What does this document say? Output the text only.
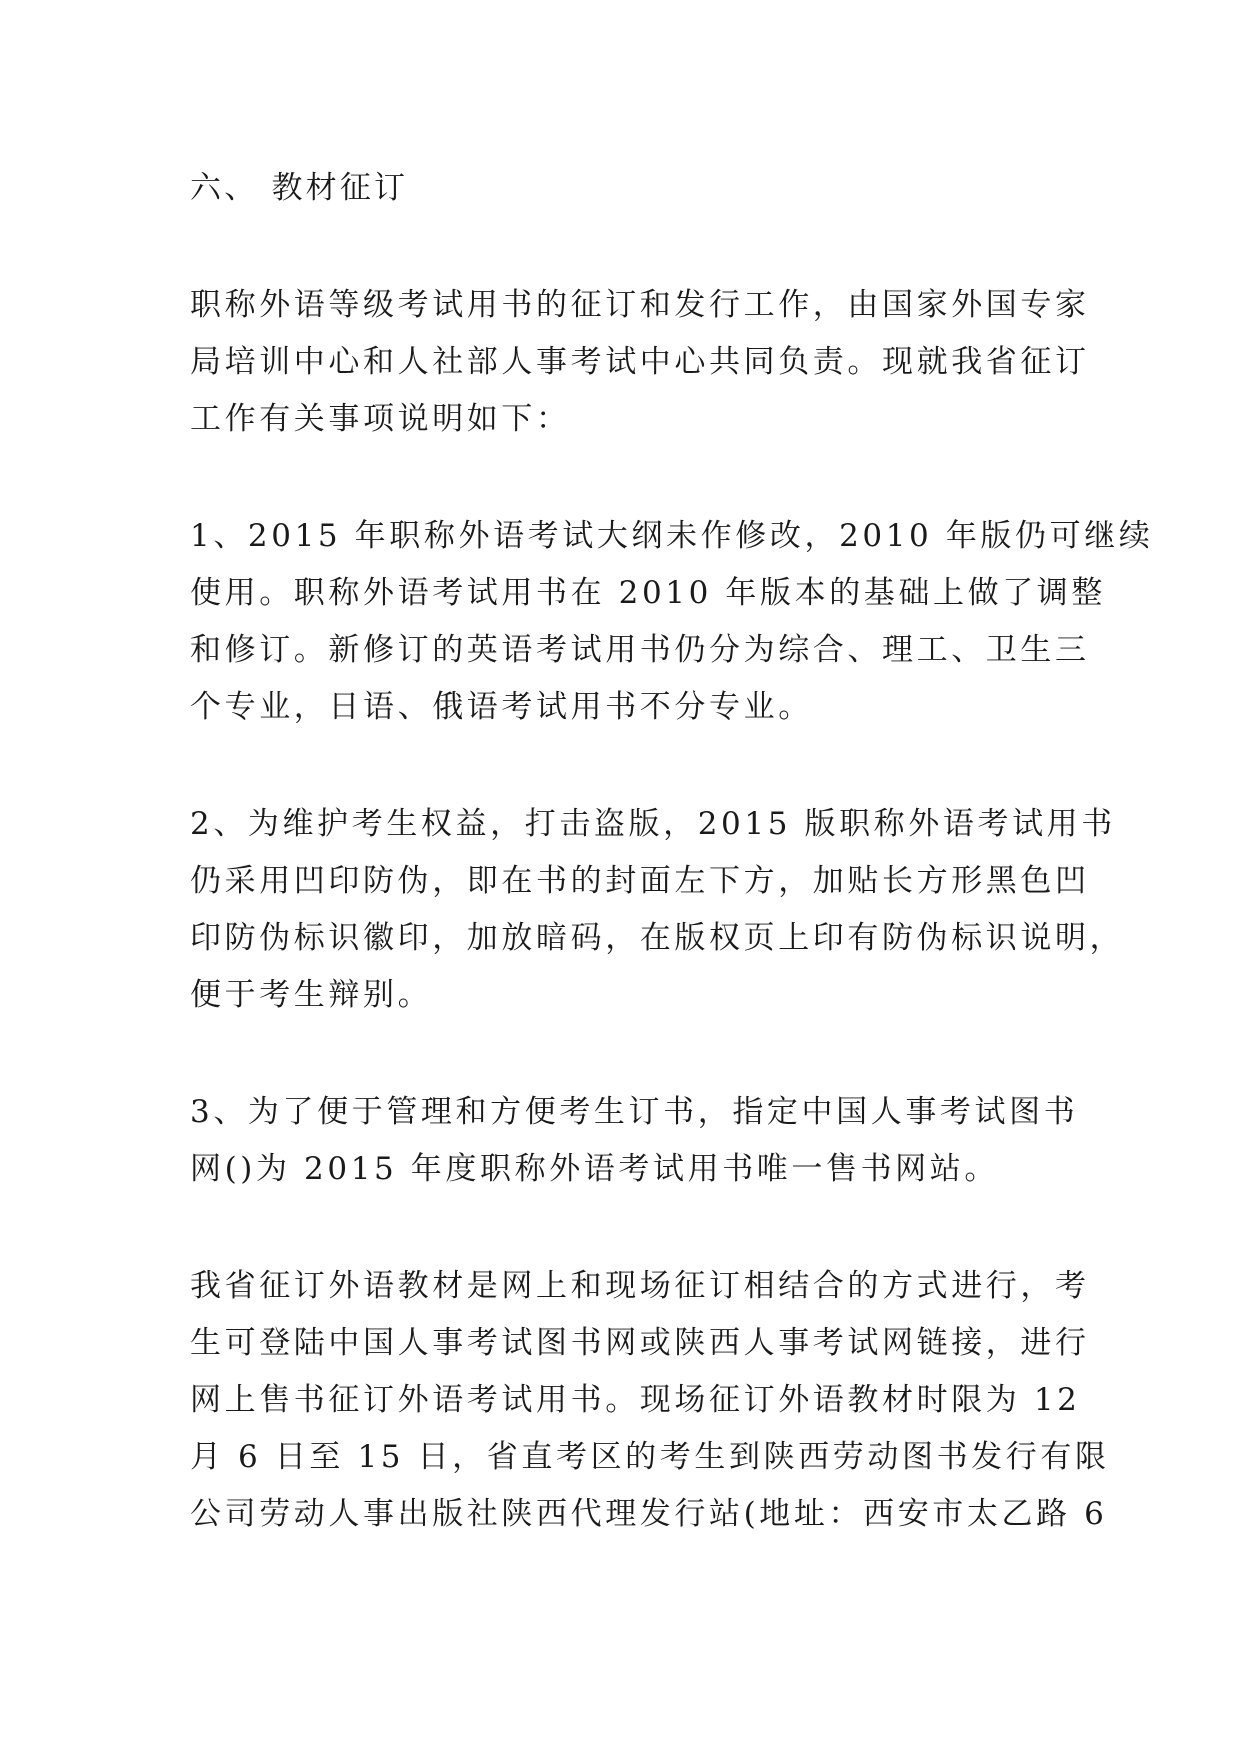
六、 教材征订
职称外语等级考试用书的征订和发行工作，由国家外国专家
局培训中心和人社部人事考试中心共同负责。现就我省征订
工作有关事项说明如下：
1、2015 年职称外语考试大纲未作修改，2010 年版仍可继续
使用。职称外语考试用书在 2010 年版本的基础上做了调整
和修订。新修订的英语考试用书仍分为综合、理工、卫生三
个专业，日语、俄语考试用书不分专业。
2、为维护考生权益，打击盗版，2015 版职称外语考试用书
仍采用凹印防伪，即在书的封面左下方，加贴长方形黑色凹
印防伪标识徽印，加放暗码，在版权页上印有防伪标识说明，
便于考生辩别。
3、为了便于管理和方便考生订书，指定中国人事考试图书
网()为 2015 年度职称外语考试用书唯一售书网站。
我省征订外语教材是网上和现场征订相结合的方式进行，考
生可登陆中国人事考试图书网或陕西人事考试网链接，进行
网上售书征订外语考试用书。现场征订外语教材时限为 12
月 6 日至 15 日，省直考区的考生到陕西劳动图书发行有限
公司劳动人事出版社陕西代理发行站(地址：西安市太乙路 6
